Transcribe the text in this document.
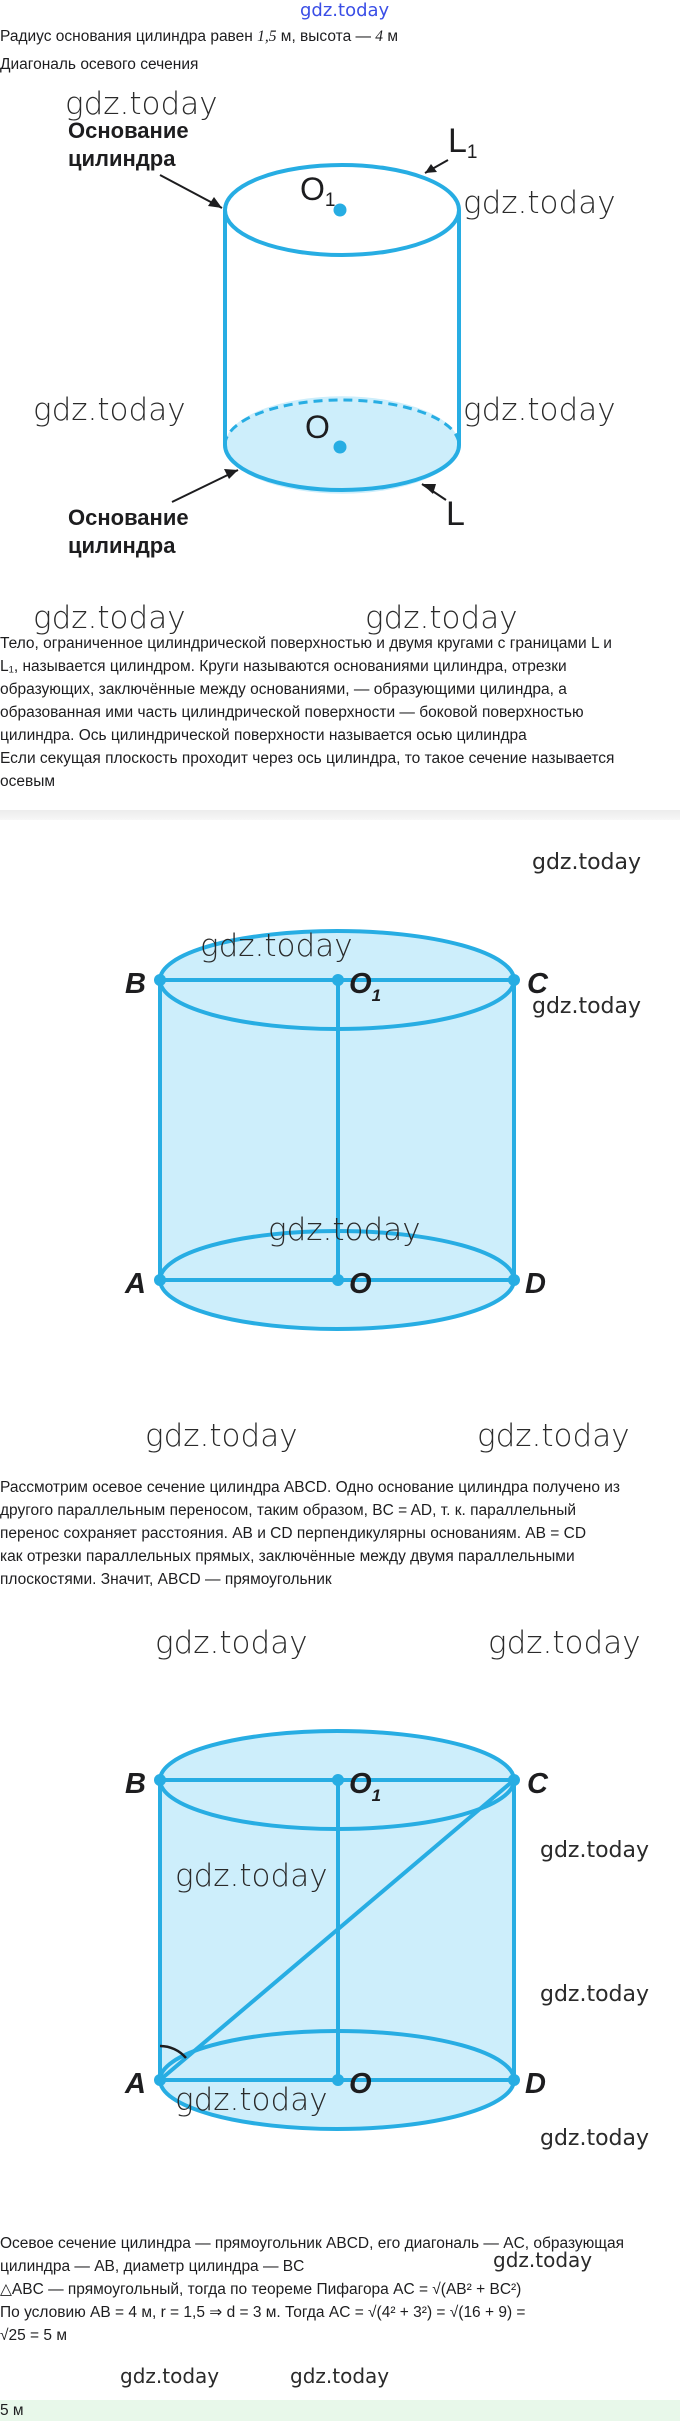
gdz.today
Радиус основания цилиндра равен 1,5 м, высота — 4 м
Диагональ осевого сечения
O1
O
L1
L
Основание
цилиндра
Основание
цилиндра
gdz.today
gdz.today
gdz.today	gdz.today
gdz.today	gdz.today
Тело, ограниченное цилиндрической поверхностью и двумя кругами с границами L и
L₁, называется цилиндром. Круги называются основаниями цилиндра, отрезки
образующих, заключённые между основаниями, — образующими цилиндра, а
образованная ими часть цилиндрической поверхности — боковой поверхностью
цилиндра. Ось цилиндрической поверхности называется осью цилиндра
Если секущая плоскость проходит через ось цилиндра, то такое сечение называется
осевым
B	C
A	D
$O_1$
O
gdz.today
gdz.today
gdz.today
gdz.today
gdz.today	gdz.today
Рассмотрим осевое сечение цилиндра ABCD. Одно основание цилиндра получено из
другого параллельным переносом, таким образом, BC = AD, т. к. параллельный
перенос сохраняет расстояния. AB и CD перпендикулярны основаниям. AB = CD
как отрезки параллельных прямых, заключённые между двумя параллельными
плоскостями. Значит, ABCD — прямоугольник
gdz.today	gdz.today
B	C
A	D
$O_1$
O
gdz.today
gdz.today
gdz.today
gdz.today
gdz.today
Осевое сечение цилиндра — прямоугольник ABCD, его диагональ — AC, образующая
цилиндра — AB, диаметр цилиндра — BC
△ABC — прямоугольный, тогда по теореме Пифагора AC = √(AB² + BC²)
По условию AB = 4 м, r = 1,5 ⇒ d = 3 м. Тогда AC = √(4² + 3²) = √(16 + 9) =
√25 = 5 м
gdz.today
gdz.today	gdz.today
5 м
